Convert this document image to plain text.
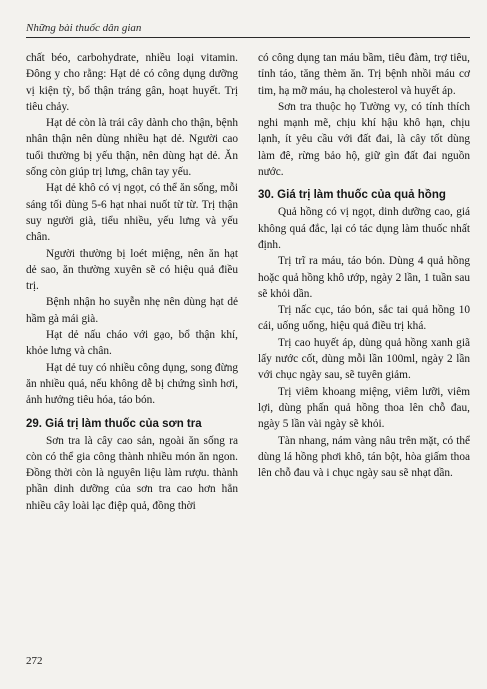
Những bài thuốc dân gian

chất béo, carbohydrate, nhiều loại vitamin. Đông y cho rằng: Hạt dẻ có công dụng dưỡng vị kiện tỳ, bổ thận tráng gân, hoạt huyết. Trị tiêu chảy.

Hạt dẻ còn là trái cây dành cho thận, bệnh nhân thận nên dùng nhiều hạt dẻ. Người cao tuổi thường bị yếu thận, nên dùng hạt dẻ. Ăn sống còn giúp trị lưng, chân tay yếu.

Hạt dẻ khô có vị ngọt, có thể ăn sống, mỗi sáng tối dùng 5-6 hạt nhai nuốt từ từ. Trị thận suy người già, tiểu nhiều, yếu lưng và yếu chân.

Người thường bị loét miệng, nên ăn hạt dẻ sao, ăn thường xuyên sẽ có hiệu quả điều trị.

Bệnh nhận ho suyễn nhẹ nên dùng hạt dẻ hầm gà mái già.

Hạt dẻ nấu cháo với gạo, bổ thận khí, khỏe lưng và chân.

Hạt dẻ tuy có nhiều công dụng, song đừng ăn nhiều quá, nếu không dễ bị chứng sình hơi, ảnh hưởng tiêu hóa, táo bón.

29. Giá trị làm thuốc của sơn tra

Sơn tra là cây cao sản, ngoài ăn sống ra còn có thể gia công thành nhiều món ăn ngon. Đồng thời còn là nguyên liệu làm rượu. thành phần dinh dưỡng của sơn tra cao hơn hẳn nhiều cây loài lạc điệp quả, đồng thời

có công dụng tan máu bầm, tiêu đàm, trợ tiêu, tỉnh táo, tăng thèm ăn. Trị bệnh nhồi máu cơ tim, hạ mỡ máu, hạ cholesterol và huyết áp.

Sơn tra thuộc họ Tường vy, có tính thích nghi mạnh mẽ, chịu khí hậu khô hạn, chịu lạnh, ít yêu cầu với đất đai, là cây tốt dùng làm đê, rừng bảo hộ, giữ gìn đất đai nguồn nước.

30. Giá trị làm thuốc của quả hồng

Quả hồng có vị ngọt, dinh dưỡng cao, giá không quá đắc, lại có tác dụng làm thuốc nhất định.

Trị trĩ ra máu, táo bón. Dùng 4 quả hồng hoặc quả hồng khô ướp, ngày 2 lần, 1 tuần sau sẽ khỏi dần.

Trị nấc cục, táo bón, sắc tai quả hồng 10 cái, uống uống, hiệu quả điều trị khá.

Trị cao huyết áp, dùng quả hồng xanh giã lấy nước cốt, dùng mỗi lần 100ml, ngày 2 lần với chục ngày sau, sẽ tuyên giảm.

Trị viêm khoang miệng, viêm lưỡi, viêm lợi, dùng phấn quả hồng thoa lên chỗ đau, ngày 5 lần vài ngày sẽ khỏi.

Tàn nhang, nám vàng nâu trên mặt, có thể dùng lá hồng phơi khô, tán bột, hòa giấm thoa lên chỗ đau và i chục ngày sau sẽ nhạt dần.

272
